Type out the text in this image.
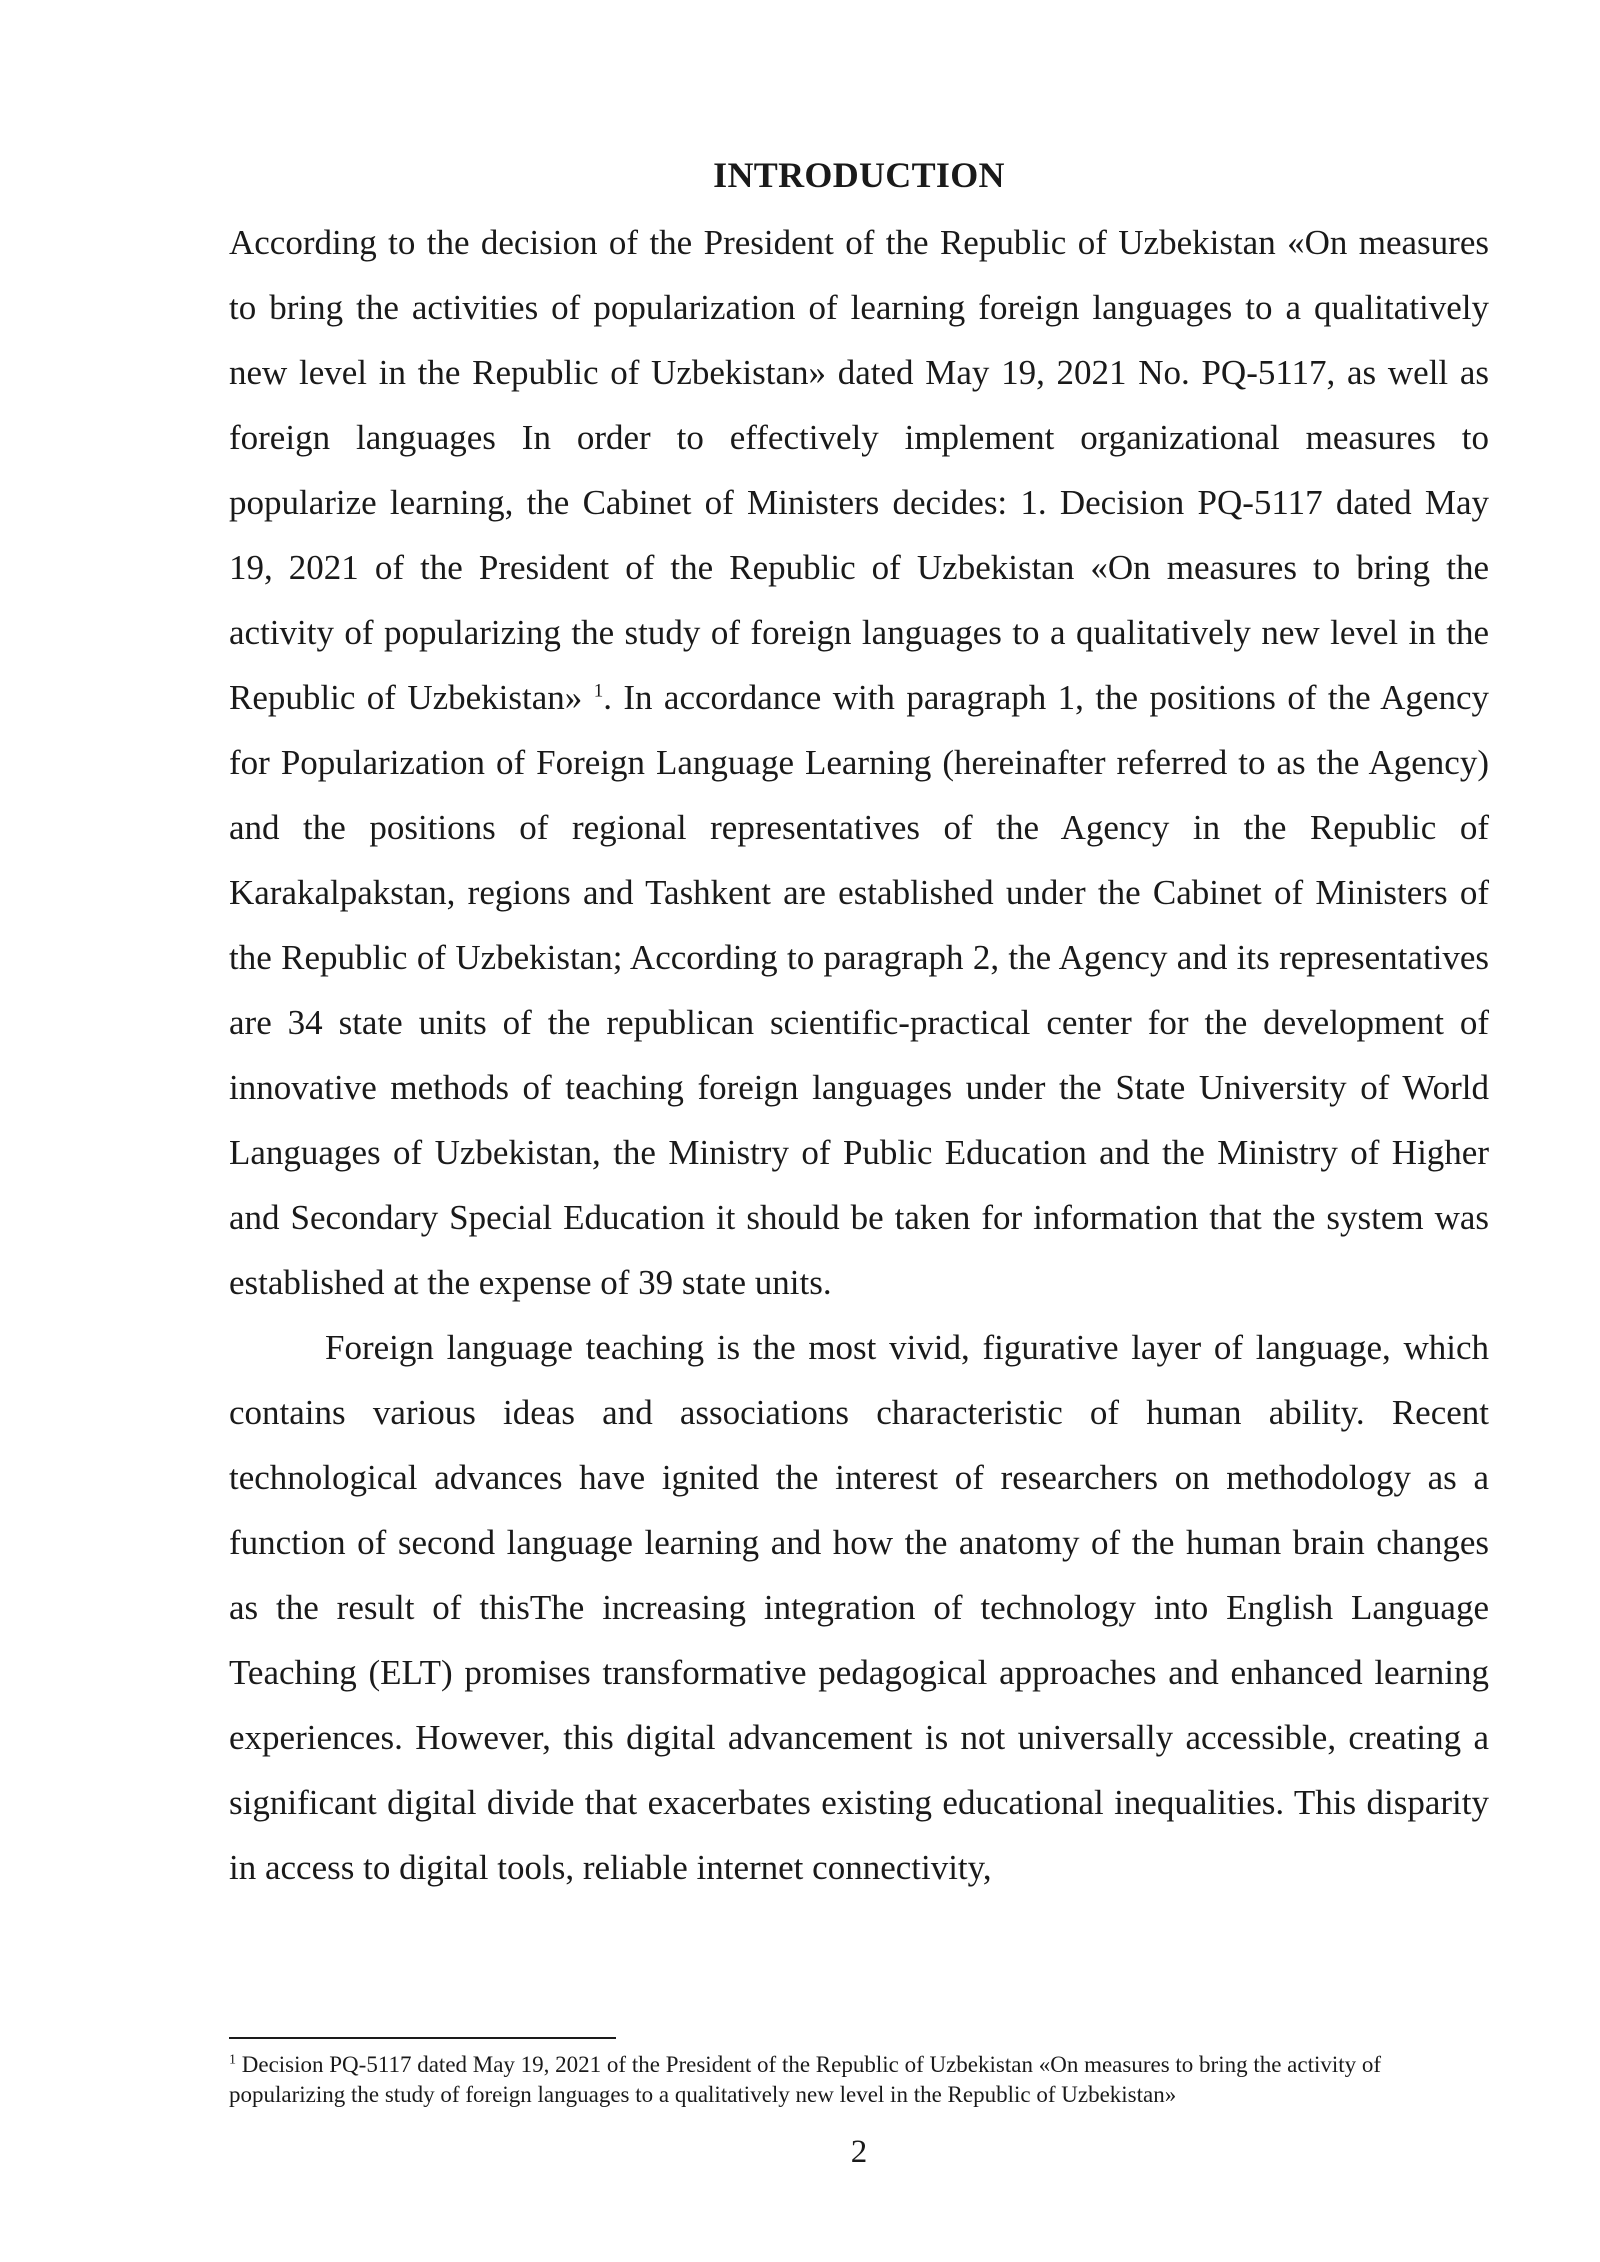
INTRODUCTION

According to the decision of the President of the Republic of Uzbekistan «On measures to bring the activities of popularization of learning foreign languages to a qualitatively new level in the Republic of Uzbekistan» dated May 19, 2021 No. PQ-5117, as well as foreign languages In order to effectively implement organizational measures to popularize learning, the Cabinet of Ministers decides: 1. Decision PQ-5117 dated May 19, 2021 of the President of the Republic of Uzbekistan «On measures to bring the activity of popularizing the study of foreign languages to a qualitatively new level in the Republic of Uzbekistan» $^1$. In accordance with paragraph 1, the positions of the Agency for Popularization of Foreign Language Learning (hereinafter referred to as the Agency) and the positions of regional representatives of the Agency in the Republic of Karakalpakstan, regions and Tashkent are established under the Cabinet of Ministers of the Republic of Uzbekistan; According to paragraph 2, the Agency and its representatives are 34 state units of the republican scientific-practical center for the development of innovative methods of teaching foreign languages under the State University of World Languages of Uzbekistan, the Ministry of Public Education and the Ministry of Higher and Secondary Special Education it should be taken for information that the system was established at the expense of 39 state units.

Foreign language teaching is the most vivid, figurative layer of language, which contains various ideas and associations characteristic of human ability. Recent technological advances have ignited the interest of researchers on methodology as a function of second language learning and how the anatomy of the human brain changes as the result of thisThe increasing integration of technology into English Language Teaching (ELT) promises transformative pedagogical approaches and enhanced learning experiences. However, this digital advancement is not universally accessible, creating a significant digital divide that exacerbates existing educational inequalities. This disparity in access to digital tools, reliable internet connectivity,

$^1$ Decision PQ-5117 dated May 19, 2021 of the President of the Republic of Uzbekistan «On measures to bring the activity of popularizing the study of foreign languages to a qualitatively new level in the Republic of Uzbekistan»
2
